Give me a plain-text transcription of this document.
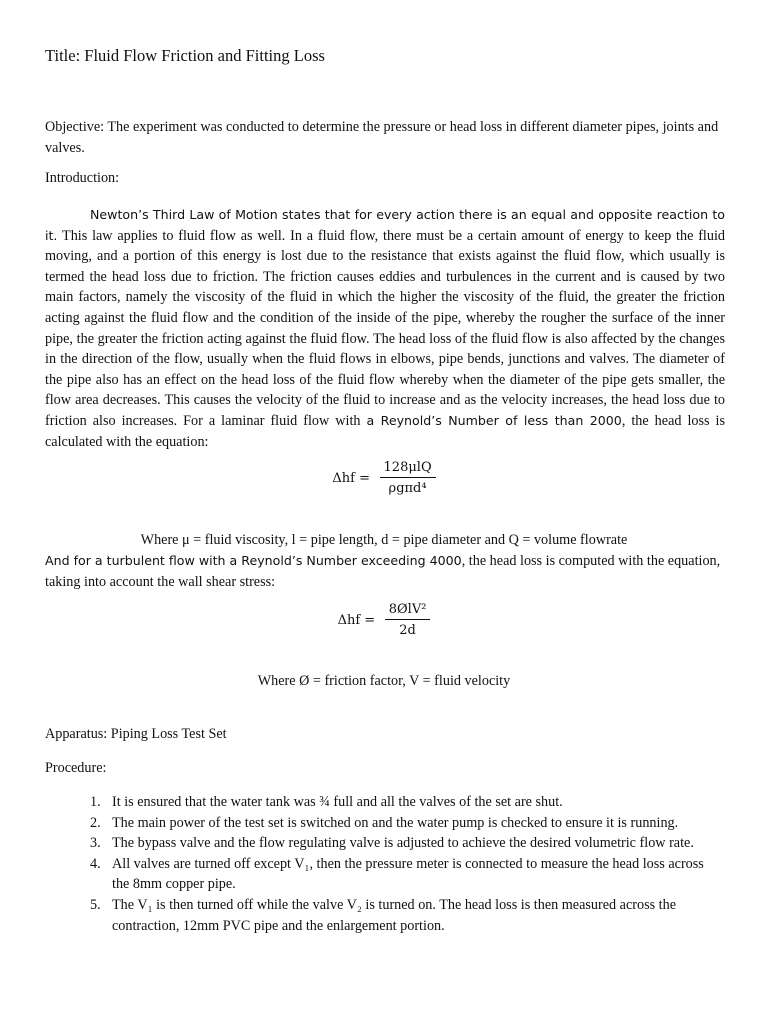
Title: Fluid Flow Friction and Fitting Loss

Objective: The experiment was conducted to determine the pressure or head loss in different diameter pipes, joints and valves.

Introduction:

Newton’s Third Law of Motion states that for every action there is an equal and opposite reaction to it. This law applies to fluid flow as well. In a fluid flow, there must be a certain amount of energy to keep the fluid moving, and a portion of this energy is lost due to the resistance that exists against the fluid flow, which usually is termed the head loss due to friction. The friction causes eddies and turbulences in the current and is caused by two main factors, namely the viscosity of the fluid in which the higher the viscosity of the fluid, the greater the friction acting against the fluid flow and the condition of the inside of the pipe, whereby the rougher the surface of the inner pipe, the greater the friction acting against the fluid flow. The head loss of the fluid flow is also affected by the changes in the direction of the flow, usually when the fluid flows in elbows, pipe bends, junctions and valves. The diameter of the pipe also has an effect on the head loss of the fluid flow whereby when the diameter of the pipe gets smaller, the flow area decreases. This causes the velocity of the fluid to increase and as the velocity increases, the head loss due to friction also increases. For a laminar fluid flow with a Reynold’s Number of less than 2000, the head loss is calculated with the equation:

$\Delta hf = \frac{\text{128μlQ}}{\text{ρgπd⁴}}$

Where μ = fluid viscosity, l = pipe length, d = pipe diameter and Q = volume flowrate

And for a turbulent flow with a Reynold’s Number exceeding 4000, the head loss is computed with the equation, taking into account the wall shear stress:

$\Delta hf = \frac{\text{8ØlV²}}{2d}$

Where Ø = friction factor, V = fluid velocity

Apparatus: Piping Loss Test Set

Procedure:

1. It is ensured that the water tank was ¾ full and all the valves of the set are shut.
2. The main power of the test set is switched on and the water pump is checked to ensure it is running.
3. The bypass valve and the flow regulating valve is adjusted to achieve the desired volumetric flow rate.
4. All valves are turned off except V₁, then the pressure meter is connected to measure the head loss across the 8mm copper pipe.
5. The V₁ is then turned off while the valve V₂ is turned on. The head loss is then measured across the contraction, 12mm PVC pipe and the enlargement portion.
